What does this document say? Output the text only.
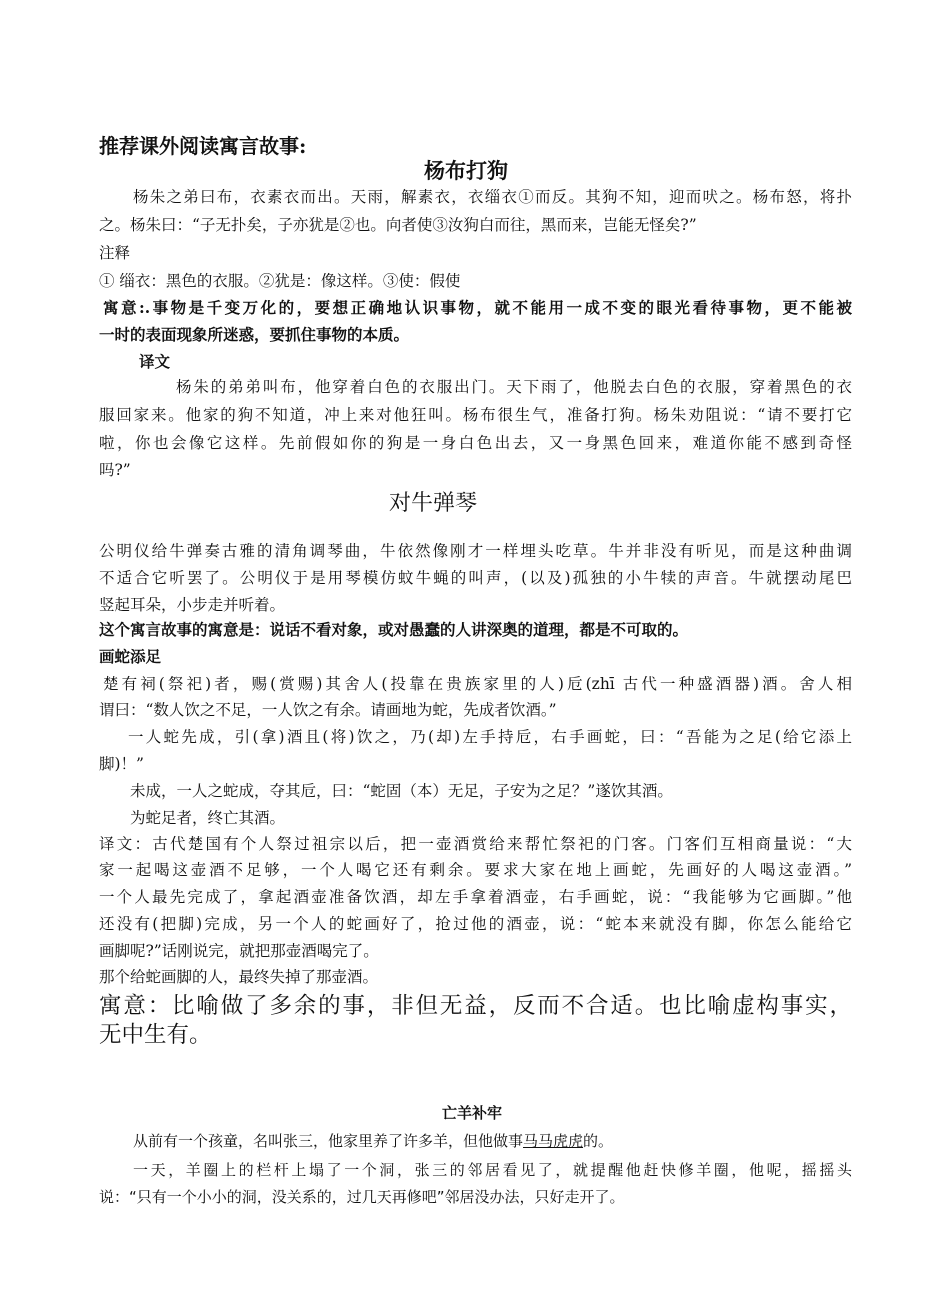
推荐课外阅读寓言故事:
杨布打狗
杨朱之弟曰布，衣素衣而出。天雨，解素衣，衣缁衣①而反。其狗不知，迎而吠之。杨布怒，将扑
之。杨朱曰：“子无扑矣，子亦犹是②也。向者使③汝狗白而往，黑而来，岂能无怪矣?”
注释
① 缁衣：黑色的衣服。②犹是：像这样。③使：假使
寓意:.事物是千变万化的，要想正确地认识事物，就不能用一成不变的眼光看待事物，更不能被
一时的表面现象所迷惑，要抓住事物的本质。
译文
杨朱的弟弟叫布，他穿着白色的衣服出门。天下雨了，他脱去白色的衣服，穿着黑色的衣
服回家来。他家的狗不知道，冲上来对他狂叫。杨布很生气，准备打狗。杨朱劝阻说：“请不要打它
啦，你也会像它这样。先前假如你的狗是一身白色出去，又一身黑色回来，难道你能不感到奇怪
吗?”
对牛弹琴
公明仪给牛弹奏古雅的清角调琴曲，牛依然像刚才一样埋头吃草。牛并非没有听见，而是这种曲调
不适合它听罢了。公明仪于是用琴模仿蚊牛蝇的叫声，(以及)孤独的小牛犊的声音。牛就摆动尾巴
竖起耳朵，小步走并听着。
这个寓言故事的寓意是：说话不看对象，或对愚蠢的人讲深奥的道理，都是不可取的。
画蛇添足
楚有祠(祭祀)者，赐(赏赐)其舍人(投靠在贵族家里的人)卮(zhī 古代一种盛酒器)酒。舍人相
谓曰：“数人饮之不足，一人饮之有余。请画地为蛇，先成者饮酒。”
一人蛇先成，引(拿)酒且(将)饮之，乃(却)左手持卮，右手画蛇，曰：“吾能为之足(给它添上
脚)！”
未成，一人之蛇成，夺其卮，曰：“蛇固（本）无足，子安为之足？”遂饮其酒。
为蛇足者，终亡其酒。
译文：古代楚国有个人祭过祖宗以后，把一壶酒赏给来帮忙祭祀的门客。门客们互相商量说：“大
家一起喝这壶酒不足够，一个人喝它还有剩余。要求大家在地上画蛇，先画好的人喝这壶酒。”
一个人最先完成了，拿起酒壶准备饮酒，却左手拿着酒壶，右手画蛇，说：“我能够为它画脚。”他
还没有(把脚)完成，另一个人的蛇画好了，抢过他的酒壶，说：“蛇本来就没有脚，你怎么能给它
画脚呢?”话刚说完，就把那壶酒喝完了。
那个给蛇画脚的人，最终失掉了那壶酒。
寓意：比喻做了多余的事，非但无益，反而不合适。也比喻虚构事实，
无中生有。
亡羊补牢
从前有一个孩童，名叫张三，他家里养了许多羊，但他做事马马虎虎的。
一天，羊圈上的栏杆上塌了一个洞，张三的邻居看见了，就提醒他赶快修羊圈，他呢，摇摇头
说：“只有一个小小的洞，没关系的，过几天再修吧”邻居没办法，只好走开了。
